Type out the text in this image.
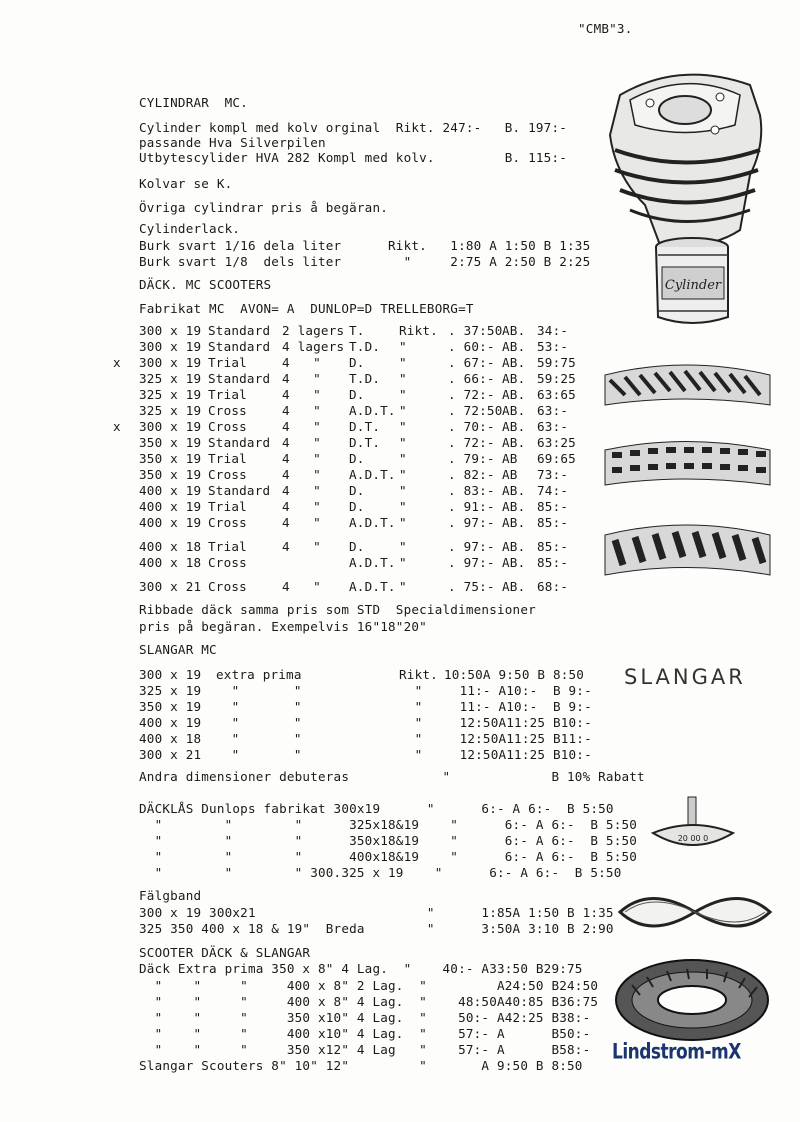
"CMB"3.
CYLINDRAR  MC.
Cylinder kompl med kolv orginal  Rikt. 247:-   B. 197:-
passande Hva Silverpilen
Utbytescylider HVA 282 Kompl med kolv.         B. 115:-
Kolvar se K.
Övriga cylindrar pris å begäran.
Cylinderlack.
Burk svart 1/16 dela liter      Rikt.   1:80 A 1:50 B 1:35
Burk svart 1/8  dels liter        "     2:75 A 2:50 B 2:25
DÄCK. MC SCOOTERS
Fabrikat MC  AVON= A  DUNLOP=D TRELLEBORG=T
300 x 19 Standard 2 lagers T.	Rikt. . 37:50 AB. 34:-
300 x 19 Standard 4 lagers T.D. "	. 60:- AB. 53:-
x 300 x 19 Trial	4   " D.	"	. 67:- AB. 59:75
325 x 19 Standard 4   " T.D. "	. 66:- AB. 59:25
325 x 19 Trial	4   " D.	"	. 72:- AB. 63:65
325 x 19 Cross	4   " A.D.T. "	. 72:50 AB. 63:-
x 300 x 19 Cross	4   " D.T. "	. 70:- AB. 63:-
350 x 19 Standard 4   " D.T. "	. 72:- AB. 63:25
350 x 19 Trial	4   " D.	"	. 79:- AB 69:65
350 x 19 Cross	4   " A.D.T. "	. 82:- AB 73:-
400 x 19 Standard 4   " D.	"	. 83:- AB. 74:-
400 x 19 Trial	4   " D.	"	. 91:- AB. 85:-
400 x 19 Cross	4   " A.D.T. "	. 97:- AB. 85:-
400 x 18 Trial	4   " D.	"	. 97:- AB. 85:-
400 x 18 Cross	A.D.T. "	. 97:- AB. 85:-
300 x 21 Cross	4   " A.D.T. "	. 75:- AB. 68:-
Ribbade däck samma pris som STD  Specialdimensioner
pris på begäran. Exempelvis 16"18"20"
SLANGAR MC
300 x 19 extra prima	Rikt. 10:50A 9:50 B 8:50
325 x 19 "       "	" 11:- A10:-  B 9:-
350 x 19 "       "	" 11:- A10:-  B 9:-
400 x 19 "       "	" 12:50A11:25 B10:-
400 x 18 "       "	" 12:50A11:25 B11:-
300 x 21 "       "	" 12:50A11:25 B10:-
SLANGAR
Andra dimensioner debuteras            "             B 10% Rabatt
DÄCKLÅS Dunlops fabrikat 300x19      "      6:- A 6:-  B 5:50
"        "        "      325x18&19    "      6:- A 6:-  B 5:50
"        "        "      350x18&19    "      6:- A 6:-  B 5:50
"        "        "      400x18&19    "      6:- A 6:-  B 5:50
"        "        " 300.325 x 19    "      6:- A 6:-  B 5:50
Fälgband
300 x 19 300x21                      "      1:85A 1:50 B 1:35
325 350 400 x 18 & 19"  Breda        "      3:50A 3:10 B 2:90
SCOOTER DÄCK & SLANGAR
Däck Extra prima 350 x 8" 4 Lag.  "    40:- A33:50 B29:75
"    "     "     400 x 8" 2 Lag.  "         A24:50 B24:50
"    "     "     400 x 8" 4 Lag.  "    48:50A40:85 B36:75
"    "     "     350 x10" 4 Lag.  "    50:- A42:25 B38:-
"    "     "     400 x10" 4 Lag.  "    57:- A      B50:-
"    "     "     350 x12" 4 Lag   "    57:- A      B58:-
Slangar Scouters 8" 10" 12"         "       A 9:50 B 8:50
Cylinder
20 00 0
Lindstrom-mX
